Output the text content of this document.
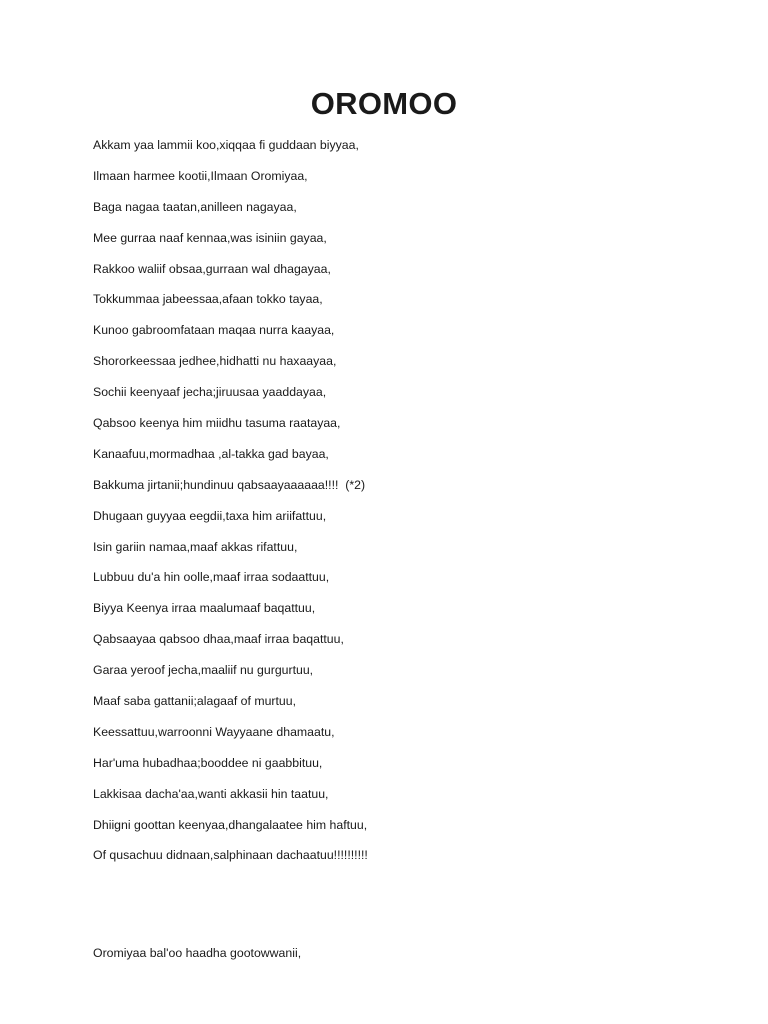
OROMOO
Akkam yaa lammii koo,xiqqaa fi guddaan biyyaa,
Ilmaan harmee kootii,Ilmaan Oromiyaa,
Baga nagaa taatan,anilleen nagayaa,
Mee gurraa naaf kennaa,was isiniin gayaa,
Rakkoo waliif obsaa,gurraan wal dhagayaa,
Tokkummaa jabeessaa,afaan tokko tayaa,
Kunoo gabroomfataan maqaa nurra kaayaa,
Shororkeessaa jedhee,hidhatti nu haxaayaa,
Sochii keenyaaf jecha;jiruusaa yaaddayaa,
Qabsoo keenya him miidhu tasuma raatayaa,
Kanaafuu,mormadhaa ,al-takka gad bayaa,
Bakkuma jirtanii;hundinuu qabsaayaaaaaa!!!!  (*2)
Dhugaan guyyaa eegdii,taxa him ariifattuu,
Isin gariin namaa,maaf akkas rifattuu,
Lubbuu du'a hin oolle,maaf irraa sodaattuu,
Biyya Keenya irraa maalumaaf baqattuu,
Qabsaayaa qabsoo dhaa,maaf irraa baqattuu,
Garaa yeroof jecha,maaliif nu gurgurtuu,
Maaf saba gattanii;alagaaf of murtuu,
Keessattuu,warroonni Wayyaane dhamaatu,
Har'uma hubadhaa;booddee ni gaabbituu,
Lakkisaa dacha'aa,wanti akkasii hin taatuu,
Dhiigni goottan keenyaa,dhangalaatee him haftuu,
Of qusachuu didnaan,salphinaan dachaatuu!!!!!!!!!!

Oromiyaa bal'oo haadha gootowwanii,
